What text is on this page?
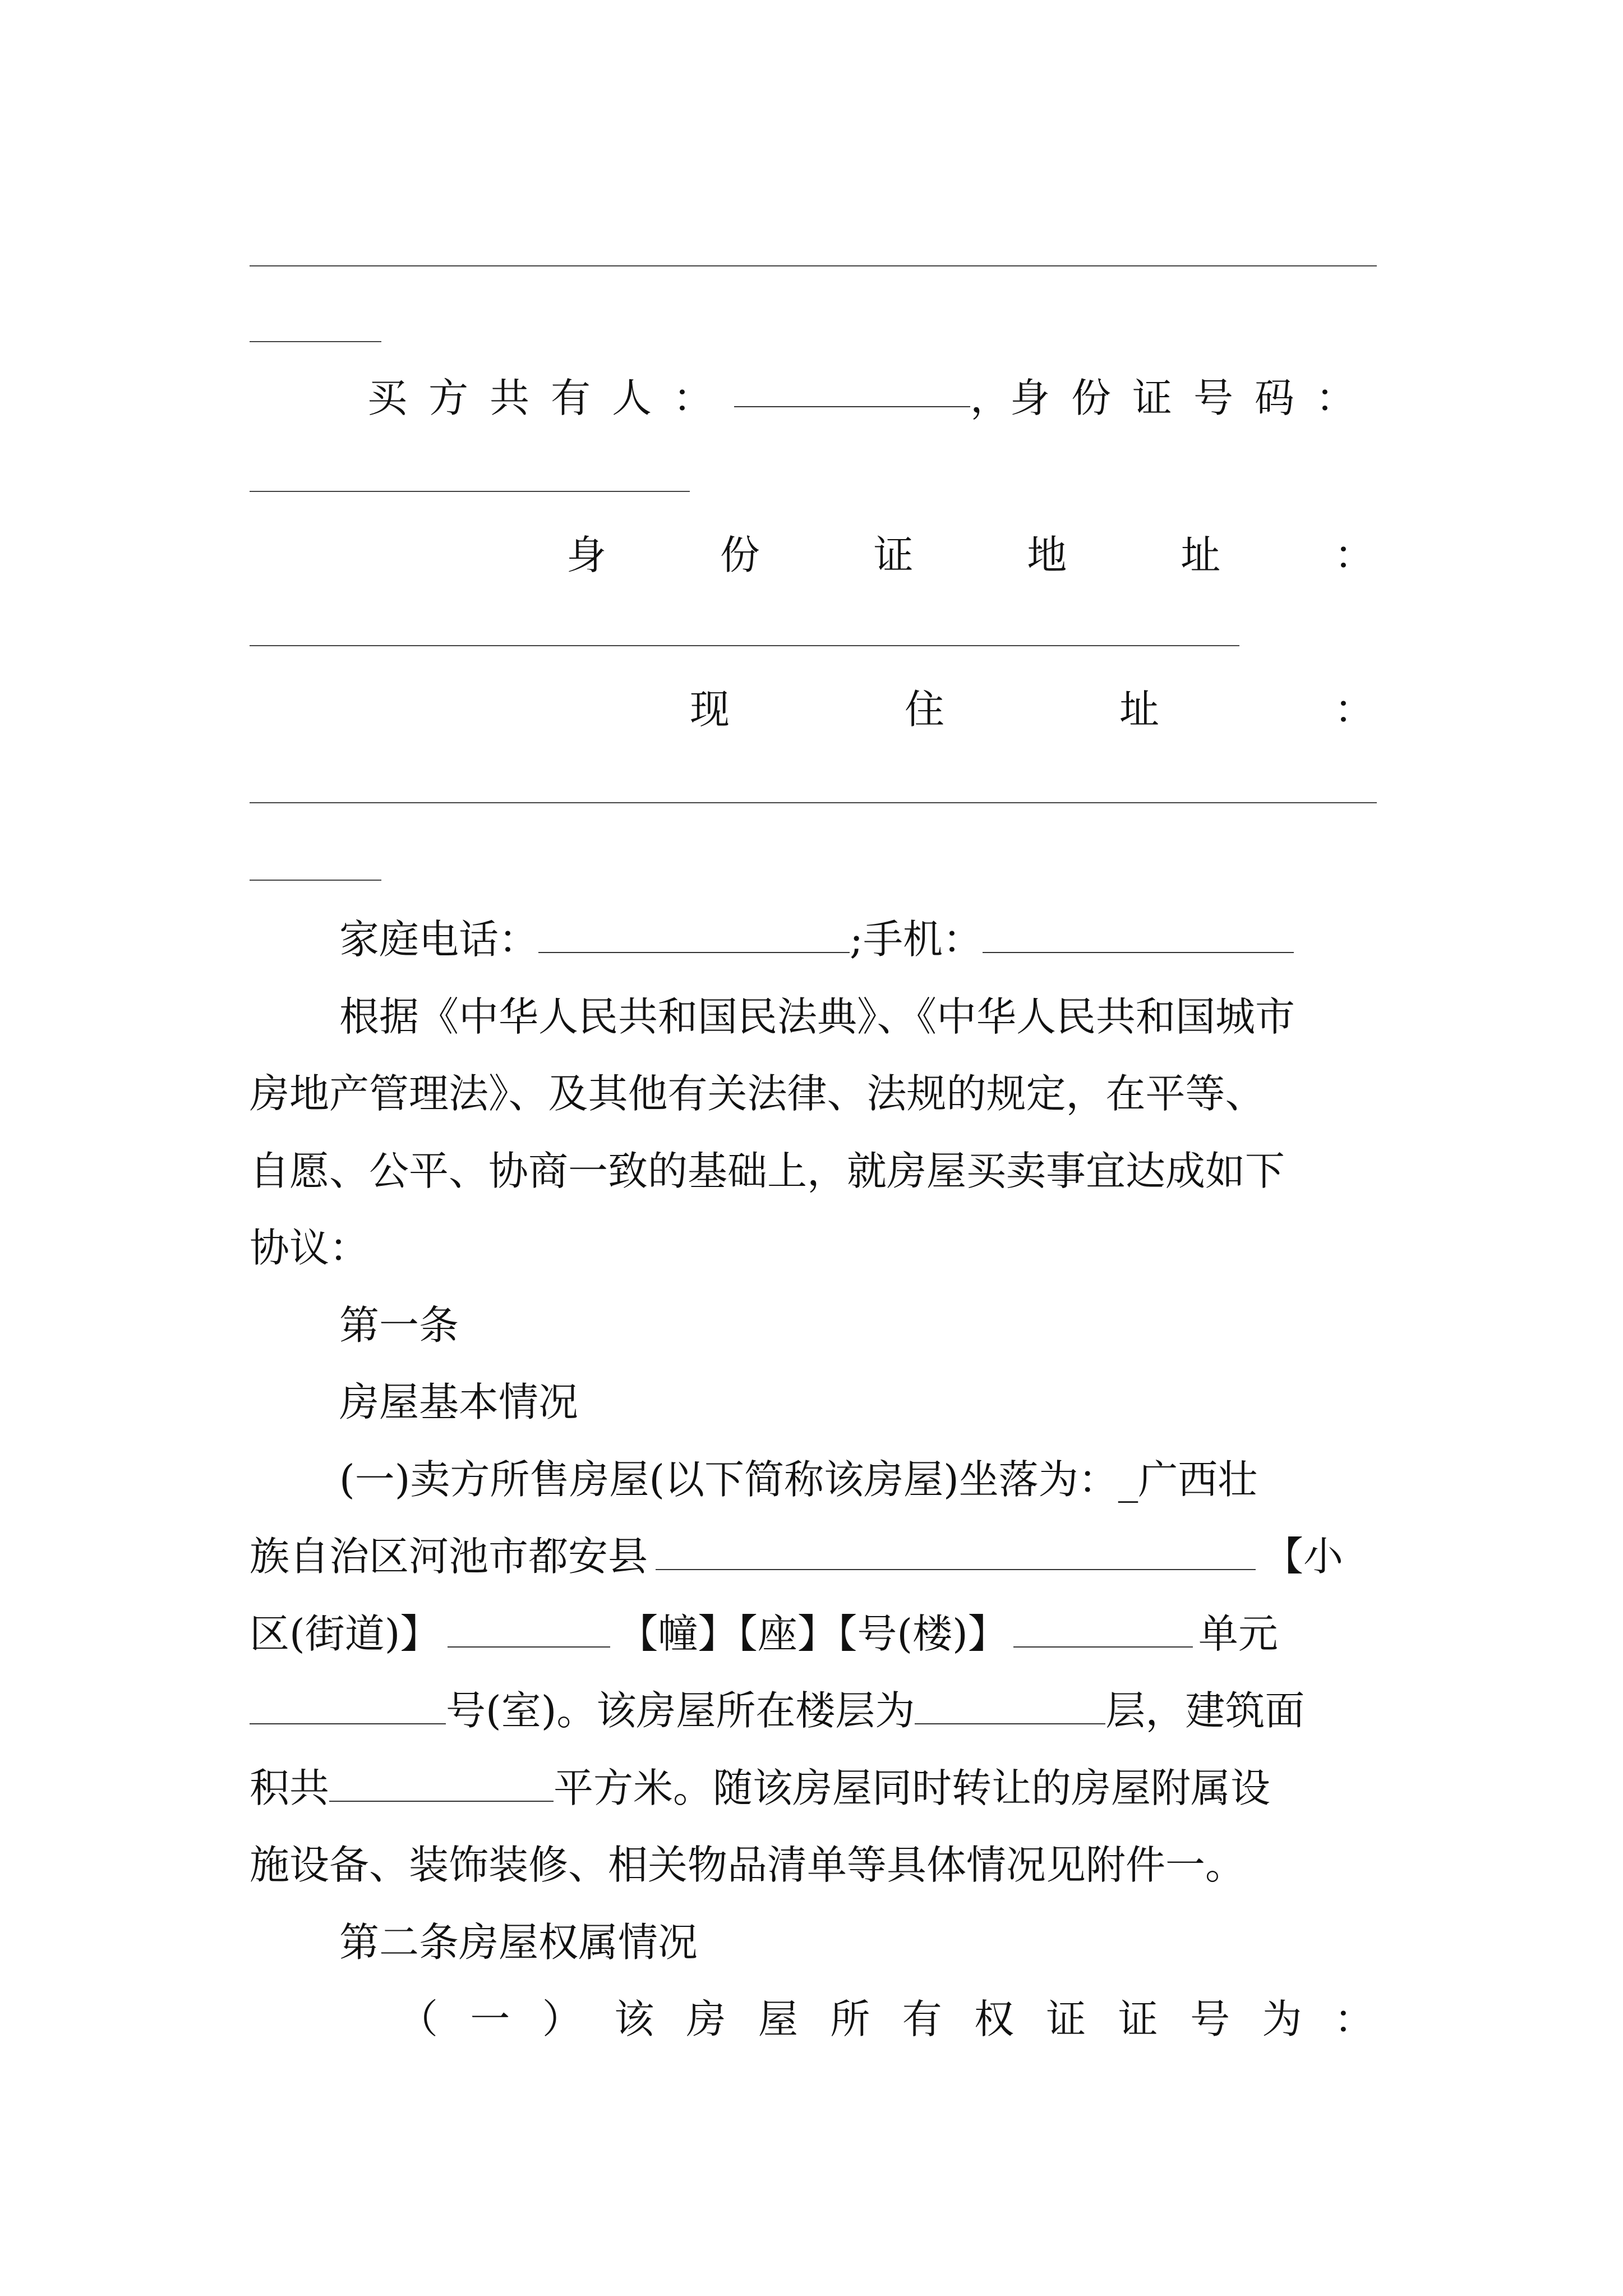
买方共有人：	， 身份证号码：
身	份	证	地	址	：
现	住	址	：
家庭电话：	;手机：
根据《中华人民共和国民法典》、《中华人民共和国城市
房地产管理法》、及其他有关法律、法规的规定，在平等、
自愿、公平、协商一致的基础上，就房屋买卖事宜达成如下
协议：
第一条
房屋基本情况
(一)卖方所售房屋(以下简称该房屋)坐落为：_广西壮
族自治区河池市都安县	【小
区(街道)】	【幢】【座】【号(楼)】	单元
号(室)。该房屋所在楼层为	层，建筑面
积共	平方米。随该房屋同时转让的房屋附属设
施设备、装饰装修、相关物品清单等具体情况见附件一。
第二条房屋权属情况
（ 一 ） 该 房 屋 所 有 权 证 证 号 为 ：
